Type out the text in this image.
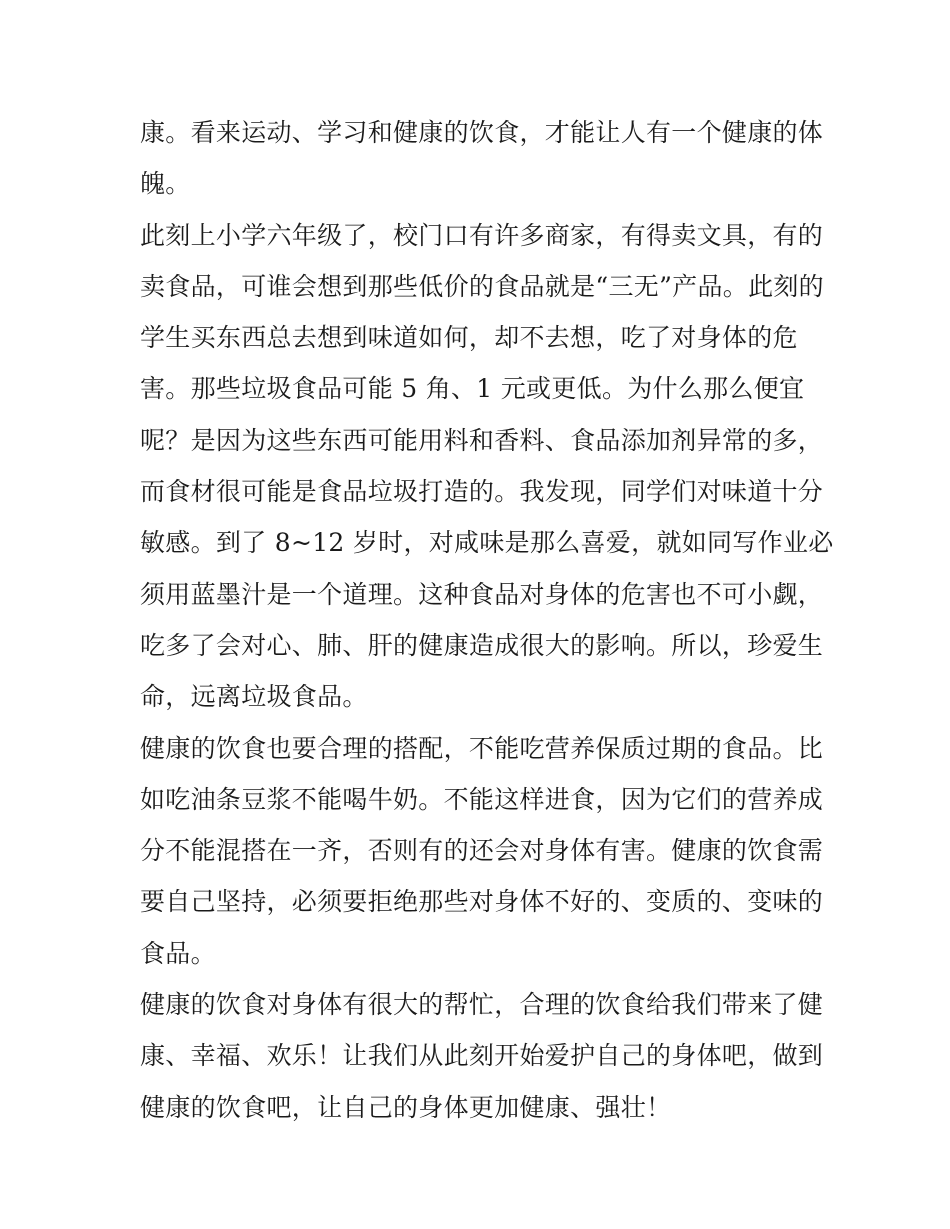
康。看来运动、学习和健康的饮食，才能让人有一个健康的体
魄。
此刻上小学六年级了，校门口有许多商家，有得卖文具，有的
卖食品，可谁会想到那些低价的食品就是“三无”产品。此刻的
学生买东西总去想到味道如何，却不去想，吃了对身体的危
害。那些垃圾食品可能 5 角、1 元或更低。为什么那么便宜
呢？是因为这些东西可能用料和香料、食品添加剂异常的多，
而食材很可能是食品垃圾打造的。我发现，同学们对味道十分
敏感。到了 8~12 岁时，对咸味是那么喜爱，就如同写作业必
须用蓝墨汁是一个道理。这种食品对身体的危害也不可小觑，
吃多了会对心、肺、肝的健康造成很大的影响。所以，珍爱生
命，远离垃圾食品。
健康的饮食也要合理的搭配，不能吃营养保质过期的食品。比
如吃油条豆浆不能喝牛奶。不能这样进食，因为它们的营养成
分不能混搭在一齐，否则有的还会对身体有害。健康的饮食需
要自己坚持，必须要拒绝那些对身体不好的、变质的、变味的
食品。
健康的饮食对身体有很大的帮忙，合理的饮食给我们带来了健
康、幸福、欢乐！让我们从此刻开始爱护自己的身体吧，做到
健康的饮食吧，让自己的身体更加健康、强壮！
